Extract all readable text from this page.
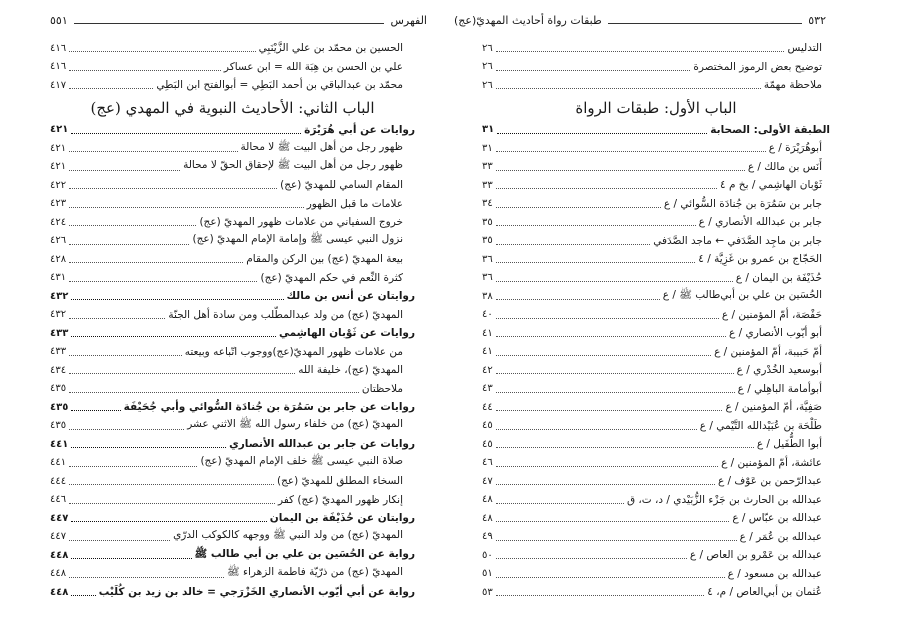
الفهرس
٥٥١
الحسين بن محمّد بن علي الزَّيْنَبِي
٤١٦
علي بن الحسن بن هِبَة الله = ابن عساكر
٤١٦
محمّد بن عبدالباقي بن أحمد البَطِي = أبوالفتح ابن البَطِي
٤١٧
الباب الثاني: الأحاديث النبوية في المهدي (عج)
روايات عن أبي هُرَيْرَة
٤٢١
ظهور رجل من أهل البيت ﷺ لا محالة
٤٢١
ظهور رجل من أهل البيت ﷺ لإحقاق الحقّ لا محالة
٤٢١
المقام السامي للمهديّ (عج)
٤٢٢
علامات ما قبل الظهور
٤٢٣
خروج السفياني من علامات ظهور المهديّ (عج)
٤٢٤
نزول النبي عيسى ﷺ وإمامة الإمام المهديّ (عج)
٤٢٦
بيعة المهديّ (عج) بين الركن والمقام
٤٢٨
كثرة النِّعم في حكم المهديّ (عج)
٤٣١
روايتان عن أنس بن مالك
٤٣٢
المهديّ (عج) من ولد عبدالمطّلب ومن سادة أهل الجنّة
٤٣٢
روايات عن ثَوْبان الهاشِمي
٤٣٣
من علامات ظهور المهديّ(عج)ووجوب اتّباعه وبيعته
٤٣٣
المهديّ (عج)، خليفة الله
٤٣٤
ملاحظتان
٤٣٥
روايات عن جابر بن سَمُرَة بن جُنادَة السُّوائي وأبي جُحَيْفَة
٤٣٥
المهديّ (عج) من خلفاء رسول الله ﷺ الاثني عشر
٤٣٥
روايات عن جابر بن عبدالله الأنصاري
٤٤١
صلاة النبي عيسى ﷺ خلف الإمام المهديّ (عج)
٤٤١
السخاء المطلق للمهديّ (عج)
٤٤٤
إنكار ظهور المهديّ (عج) كفر
٤٤٦
روايتان عن حُذَيْفَة بن اليمان
٤٤٧
المهديّ (عج) من ولد النبي ﷺ ووجهه كالكوكب الدرّي
٤٤٧
رواية عن الحُسَين بن علي بن أبي طالب ﷺ
٤٤٨
المهديّ (عج) من ذرّيّة فاطمة الزهراء ﷺ
٤٤٨
رواية عن أبي أيّوب الأنصاري الخَزْرَجي = خالد بن زيد بن كُلَيْب
٤٤٨
٥٣٢
طبقات رواة أحاديث المهديّ(عج)
التدليس
٢٦
توضيح بعض الرموز المختصرة
٢٦
ملاحظة مهمّة
٢٦
الباب الأول: طبقات الرواة
الطبقة الأولى: الصحابة
٣١
أبوهُرَيْرَة / ع
٣١
أَنَس بن مالك / ع
٣٣
ثَوْبان الهاشِمي / بخ م ٤
٣٣
جابر بن سَمُرَة بن جُنادَة السُّوائي / ع
٣٤
جابر بن عبدالله الأنصاري / ع
٣٥
جابر بن ماجِد الصَّدَفي ← ماجد الصَّدَفي
٣٥
الحَجّاج بن عمرو بن غَزِيَّة / ٤
٣٦
حُذَيْفَة بن اليمان / ع
٣٦
الحُسَين بن علي بن أبي‌طالب ﷺ / ع
٣٨
حَفْصَة، أمّ المؤمنين / ع
٤٠
أبو أيّوب الأنصاري / ع
٤١
أمّ حَبيبة، أمّ المؤمنين / ع
٤١
أبوسعيد الخُدْري / ع
٤٢
أبوأمامة الباهِلي / ع
٤٣
صَفِيَّة، أمّ المؤمنين / ع
٤٤
طَلْحَة بن عُبَيْدالله التَّيْمي / ع
٤٥
أبوا الطُّفَيل / ع
٤٥
عائشة، أمّ المؤمنين / ع
٤٦
عبدالرّحمن بن عَوْف / ع
٤٧
عبدالله بن الحارث بن جَزْء الزُّبَيْدي / د، ت، ق
٤٨
عبدالله بن عبّاس / ع
٤٨
عبدالله بن عُمَر / ع
٤٩
عبدالله بن عَمْرو بن العاص / ع
٥٠
عبدالله بن مسعود / ع
٥١
عُثمان بن أبي‌العاص / م، ٤
٥٣
